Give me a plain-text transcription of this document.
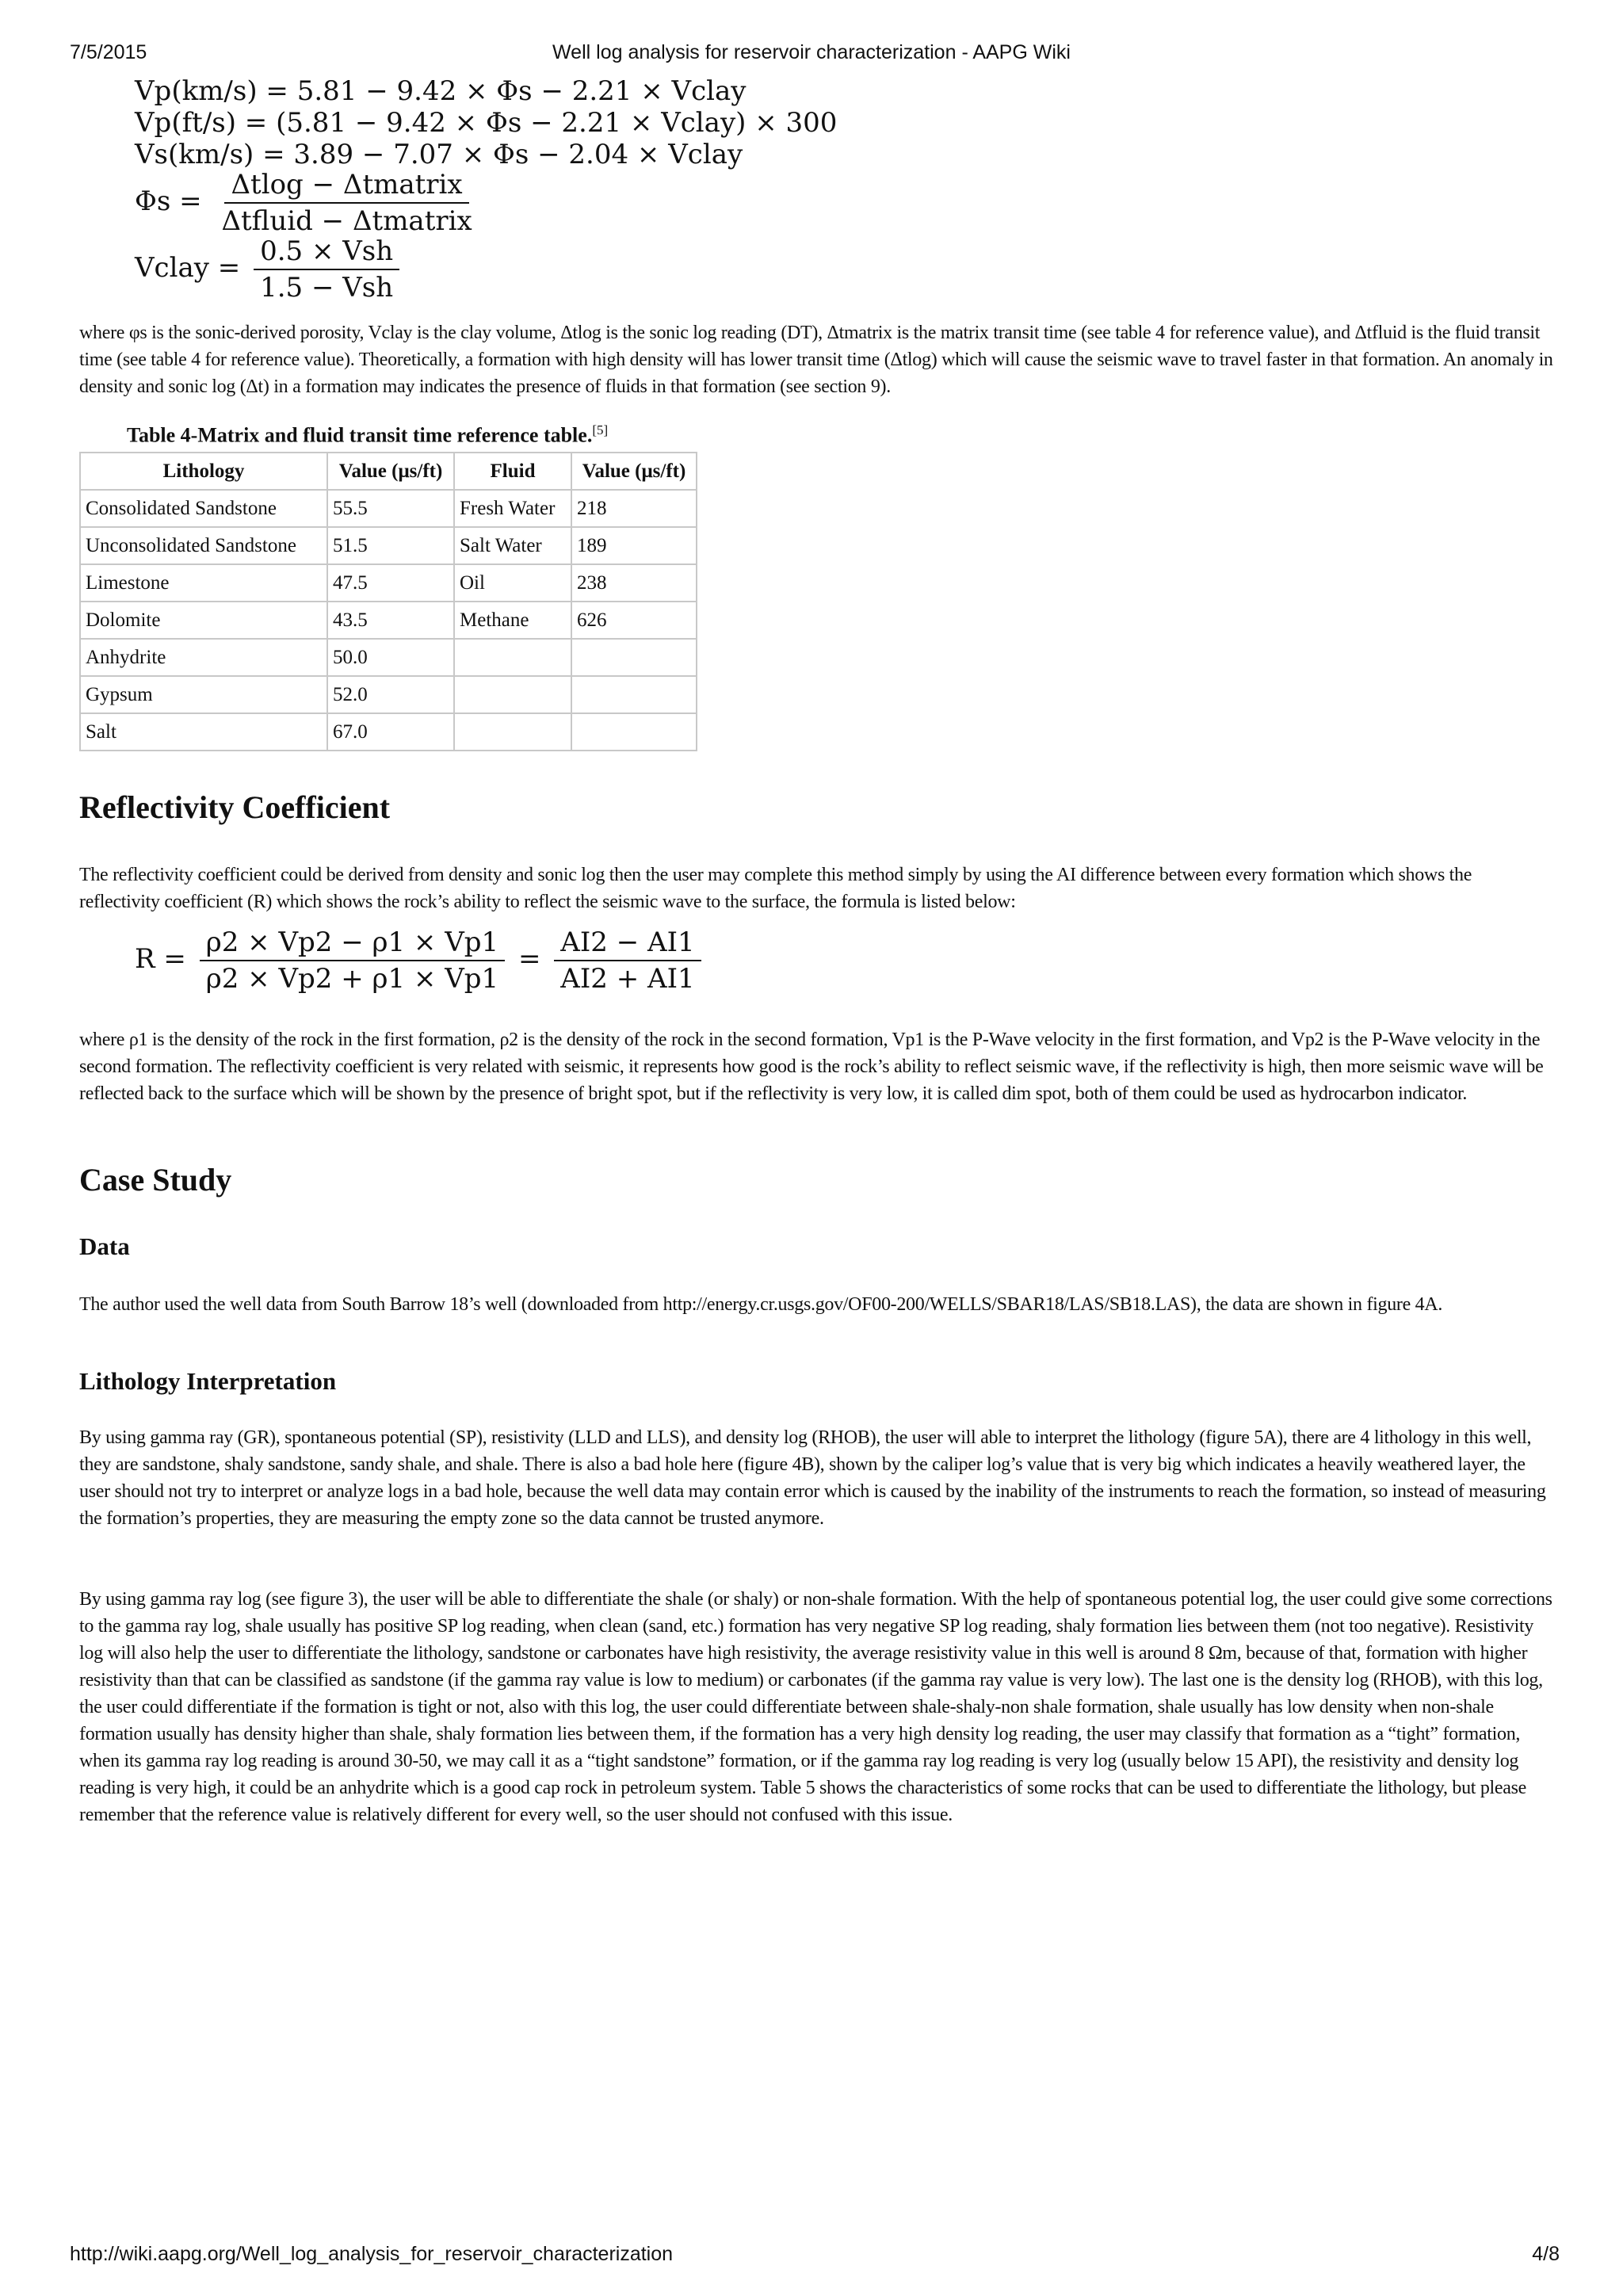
7/5/2015	Well log analysis for reservoir characterization - AAPG Wiki
Vp(km/s) = 5.81 − 9.42 × Φs − 2.21 × Vclay
Vp(ft/s) = (5.81 − 9.42 × Φs − 2.21 × Vclay) × 300
Vs(km/s) = 3.89 − 7.07 × Φs − 2.04 × Vclay
$\Phi s = \frac{\text{Δtlog − Δtmatrix}}{\text{Δtfluid − Δtmatrix}}$
Vclay = $\frac{\text{0.5 × Vsh}}{\text{1.5 − Vsh}}$

where φs is the sonic-derived porosity, Vclay is the clay volume, Δtlog is the sonic log reading (DT), Δtmatrix is the matrix transit time (see table 4 for reference value), and Δtfluid is the fluid transit time (see table 4 for reference value). Theoretically, a formation with high density will has lower transit time (Δtlog) which will cause the seismic wave to travel faster in that formation. An anomaly in density and sonic log (Δt) in a formation may indicates the presence of fluids in that formation (see section 9).

Table 4-Matrix and fluid transit time reference table.[5]
Lithology	Value (μs/ft)	Fluid	Value (μs/ft)
Consolidated Sandstone	55.5	Fresh Water	218
Unconsolidated Sandstone	51.5	Salt Water	189
Limestone	47.5	Oil	238
Dolomite	43.5	Methane	626
Anhydrite	50.0		
Gypsum	52.0		
Salt	67.0		
Reflectivity Coefficient

The reflectivity coefficient could be derived from density and sonic log then the user may complete this method simply by using the AI difference between every formation which shows the reflectivity coefficient (R) which shows the rock’s ability to reflect the seismic wave to the surface, the formula is listed below:

$R = \frac{\rho 2 \times Vp2 - \rho 1 \times Vp1}{\rho 2 \times Vp2 + \rho 1 \times Vp1} = \frac{AI2 - AI1}{AI2 + AI1}$

where ρ1 is the density of the rock in the first formation, ρ2 is the density of the rock in the second formation, Vp1 is the P-Wave velocity in the first formation, and Vp2 is the P-Wave velocity in the second formation. The reflectivity coefficient is very related with seismic, it represents how good is the rock’s ability to reflect seismic wave, if the reflectivity is high, then more seismic wave will be reflected back to the surface which will be shown by the presence of bright spot, but if the reflectivity is very low, it is called dim spot, both of them could be used as hydrocarbon indicator.

Case Study
Data

The author used the well data from South Barrow 18’s well (downloaded from http://energy.cr.usgs.gov/OF00-200/WELLS/SBAR18/LAS/SB18.LAS), the data are shown in figure 4A.

Lithology Interpretation

By using gamma ray (GR), spontaneous potential (SP), resistivity (LLD and LLS), and density log (RHOB), the user will able to interpret the lithology (figure 5A), there are 4 lithology in this well, they are sandstone, shaly sandstone, sandy shale, and shale. There is also a bad hole here (figure 4B), shown by the caliper log’s value that is very big which indicates a heavily weathered layer, the user should not try to interpret or analyze logs in a bad hole, because the well data may contain error which is caused by the inability of the instruments to reach the formation, so instead of measuring the formation’s properties, they are measuring the empty zone so the data cannot be trusted anymore.

By using gamma ray log (see figure 3), the user will be able to differentiate the shale (or shaly) or non-shale formation. With the help of spontaneous potential log, the user could give some corrections to the gamma ray log, shale usually has positive SP log reading, when clean (sand, etc.) formation has very negative SP log reading, shaly formation lies between them (not too negative). Resistivity log will also help the user to differentiate the lithology, sandstone or carbonates have high resistivity, the average resistivity value in this well is around 8 Ωm, because of that, formation with higher resistivity than that can be classified as sandstone (if the gamma ray value is low to medium) or carbonates (if the gamma ray value is very low). The last one is the density log (RHOB), with this log, the user could differentiate if the formation is tight or not, also with this log, the user could differentiate between shale-shaly-non shale formation, shale usually has low density when non-shale formation usually has density higher than shale, shaly formation lies between them, if the formation has a very high density log reading, the user may classify that formation as a “tight” formation, when its gamma ray log reading is around 30-50, we may call it as a “tight sandstone” formation, or if the gamma ray log reading is very log (usually below 15 API), the resistivity and density log reading is very high, it could be an anhydrite which is a good cap rock in petroleum system. Table 5 shows the characteristics of some rocks that can be used to differentiate the lithology, but please remember that the reference value is relatively different for every well, so the user should not confused with this issue.

http://wiki.aapg.org/Well_log_analysis_for_reservoir_characterization	4/8
